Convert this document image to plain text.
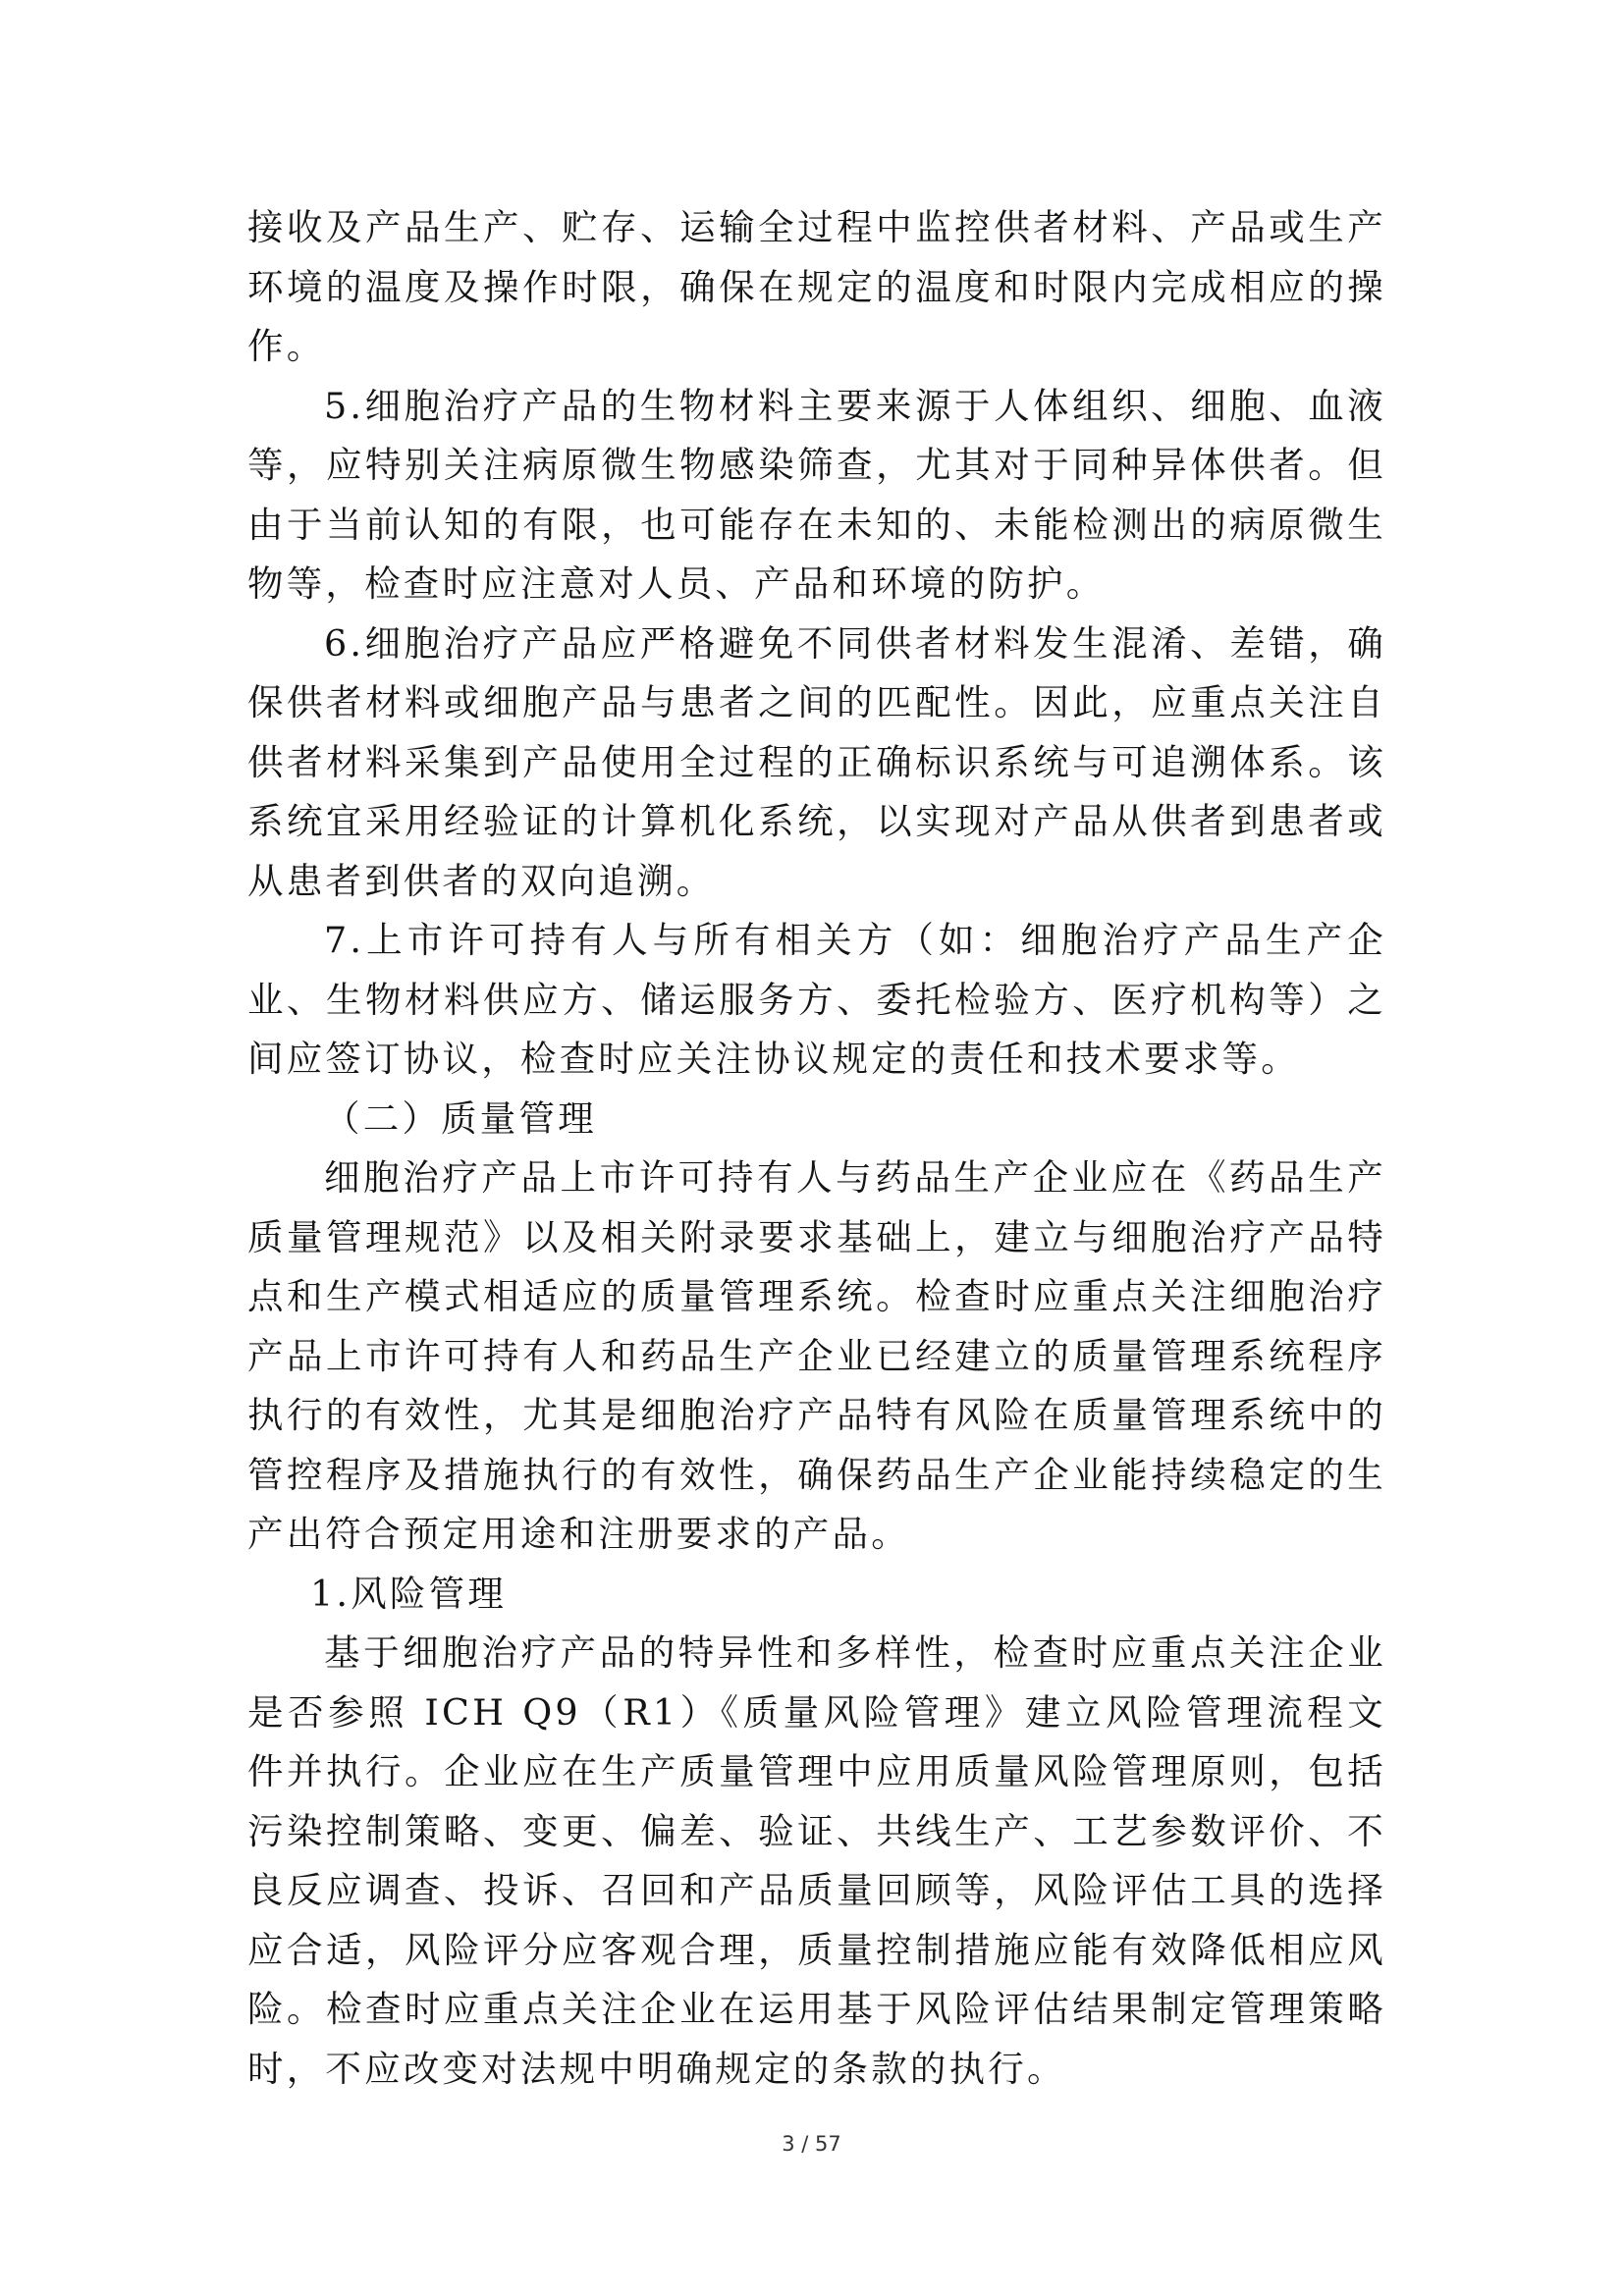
接收及产品生产、贮存、运输全过程中监控供者材料、产品或生产环境的温度及操作时限，确保在规定的温度和时限内完成相应的操作。

5.细胞治疗产品的生物材料主要来源于人体组织、细胞、血液等，应特别关注病原微生物感染筛查，尤其对于同种异体供者。但由于当前认知的有限，也可能存在未知的、未能检测出的病原微生物等，检查时应注意对人员、产品和环境的防护。

6.细胞治疗产品应严格避免不同供者材料发生混淆、差错，确保供者材料或细胞产品与患者之间的匹配性。因此，应重点关注自供者材料采集到产品使用全过程的正确标识系统与可追溯体系。该系统宜采用经验证的计算机化系统，以实现对产品从供者到患者或从患者到供者的双向追溯。

7.上市许可持有人与所有相关方（如：细胞治疗产品生产企业、生物材料供应方、储运服务方、委托检验方、医疗机构等）之间应签订协议，检查时应关注协议规定的责任和技术要求等。

（二）质量管理

细胞治疗产品上市许可持有人与药品生产企业应在《药品生产质量管理规范》以及相关附录要求基础上，建立与细胞治疗产品特点和生产模式相适应的质量管理系统。检查时应重点关注细胞治疗产品上市许可持有人和药品生产企业已经建立的质量管理系统程序执行的有效性，尤其是细胞治疗产品特有风险在质量管理系统中的管控程序及措施执行的有效性，确保药品生产企业能持续稳定的生产出符合预定用途和注册要求的产品。

1.风险管理

基于细胞治疗产品的特异性和多样性，检查时应重点关注企业是否参照 ICH Q9（R1）《质量风险管理》建立风险管理流程文件并执行。企业应在生产质量管理中应用质量风险管理原则，包括污染控制策略、变更、偏差、验证、共线生产、工艺参数评价、不良反应调查、投诉、召回和产品质量回顾等，风险评估工具的选择应合适，风险评分应客观合理，质量控制措施应能有效降低相应风险。检查时应重点关注企业在运用基于风险评估结果制定管理策略时，不应改变对法规中明确规定的条款的执行。

3 / 57
